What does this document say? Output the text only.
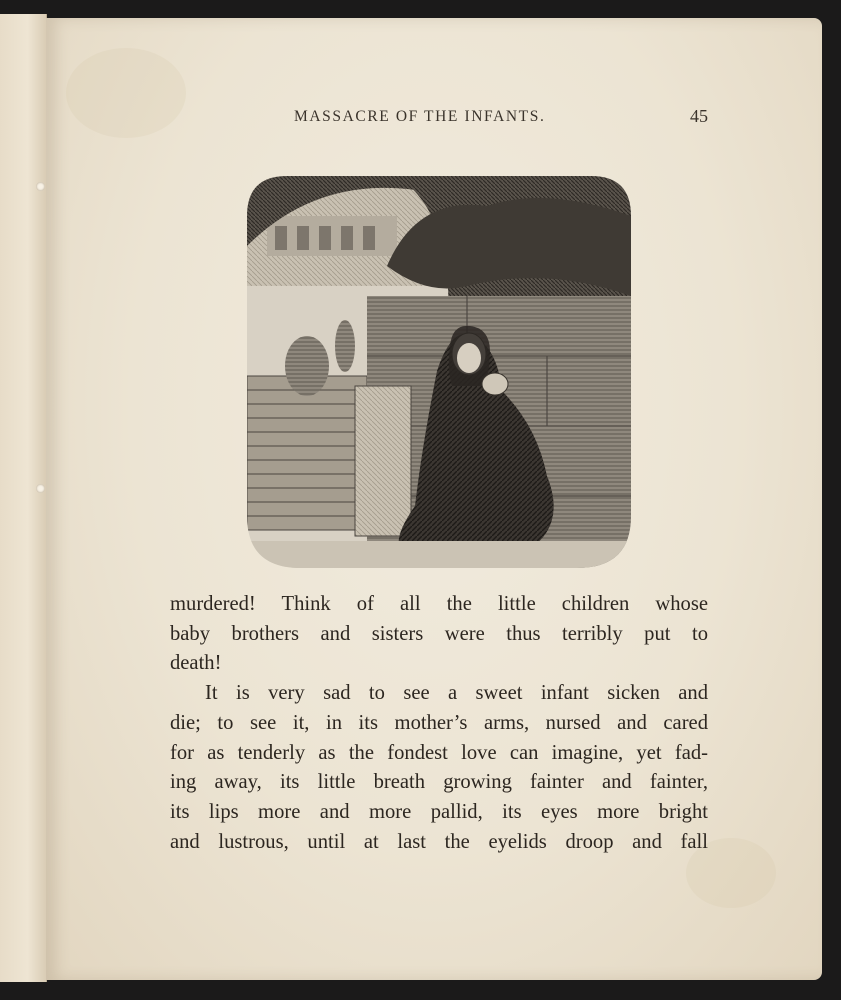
MASSACRE OF THE INFANTS.	45

murdered! Think of all the little children whose

baby brothers and sisters were thus terribly put to

death!

It is very sad to see a sweet infant sicken and

die; to see it, in its mother’s arms, nursed and cared

for as tenderly as the fondest love can imagine, yet fad-

ing away, its little breath growing fainter and fainter,

its lips more and more pallid, its eyes more bright

and lustrous, until at last the eyelids droop and fall
